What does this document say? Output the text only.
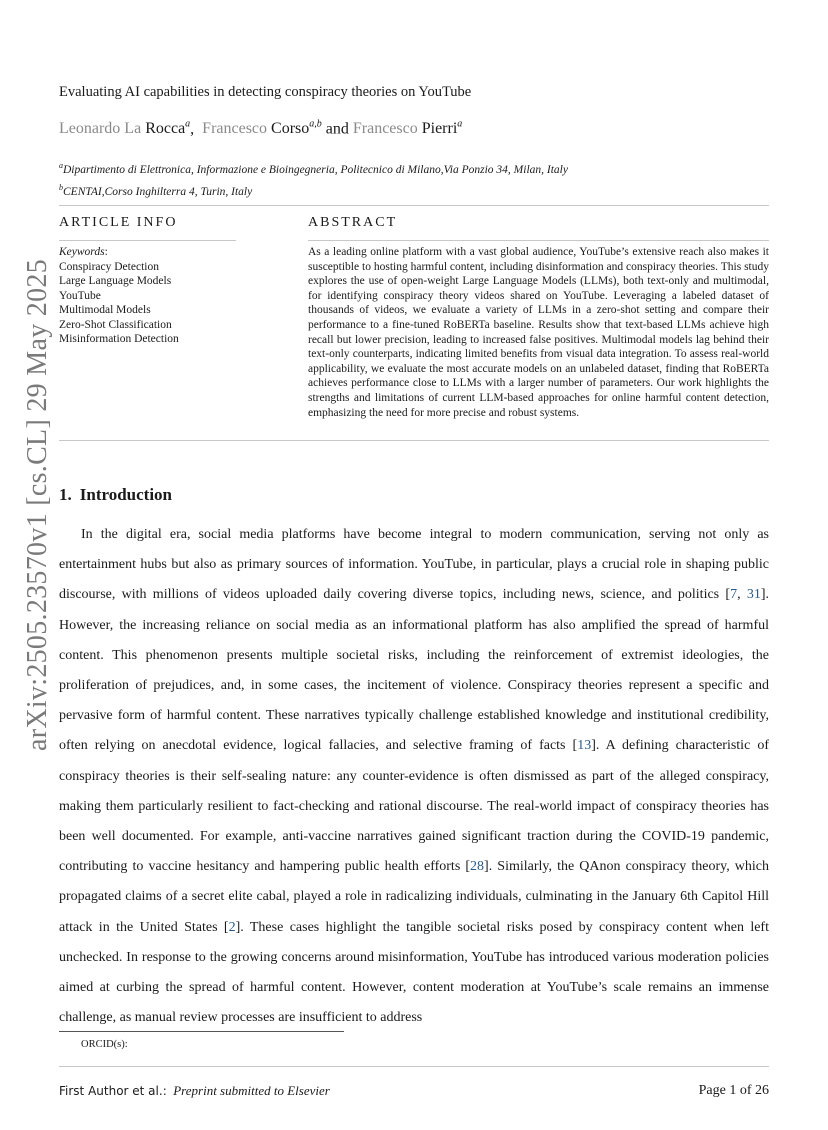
arXiv:2505.23570v1 [cs.CL] 29 May 2025
Evaluating AI capabilities in detecting conspiracy theories on YouTube
Leonardo La Rocca$^a$, Francesco Corso$^{a,b}$ and Francesco Pierri$^a$
$^a$Dipartimento di Elettronica, Informazione e Bioingegneria, Politecnico di Milano,Via Ponzio 34, Milan, Italy
$^b$CENTAI,Corso Inghilterra 4, Turin, Italy
ARTICLE INFO	ABSTRACT
Keywords:
Conspiracy Detection
Large Language Models
YouTube
Multimodal Models
Zero-Shot Classification
Misinformation Detection
As a leading online platform with a vast global audience, YouTube’s extensive reach also makes it susceptible to hosting harmful content, including disinformation and conspiracy theories. This study explores the use of open-weight Large Language Models (LLMs), both text-only and multimodal, for identifying conspiracy theory videos shared on YouTube. Leveraging a labeled dataset of thousands of videos, we evaluate a variety of LLMs in a zero-shot setting and compare their performance to a fine-tuned RoBERTa baseline. Results show that text-based LLMs achieve high recall but lower precision, leading to increased false positives. Multimodal models lag behind their text-only counterparts, indicating limited benefits from visual data integration. To assess real-world applicability, we evaluate the most accurate models on an unlabeled dataset, finding that RoBERTa achieves performance close to LLMs with a larger number of parameters. Our work highlights the strengths and limitations of current LLM-based approaches for online harmful content detection, emphasizing the need for more precise and robust systems.
1. Introduction
In the digital era, social media platforms have become integral to modern communication, serving not only as entertainment hubs but also as primary sources of information. YouTube, in particular, plays a crucial role in shaping public discourse, with millions of videos uploaded daily covering diverse topics, including news, science, and politics [7, 31]. However, the increasing reliance on social media as an informational platform has also amplified the spread of harmful content. This phenomenon presents multiple societal risks, including the reinforcement of extremist ideologies, the proliferation of prejudices, and, in some cases, the incitement of violence. Conspiracy theories represent a specific and pervasive form of harmful content. These narratives typically challenge established knowledge and institutional credibility, often relying on anecdotal evidence, logical fallacies, and selective framing of facts [13]. A defining characteristic of conspiracy theories is their self-sealing nature: any counter-evidence is often dismissed as part of the alleged conspiracy, making them particularly resilient to fact-checking and rational discourse. The real-world impact of conspiracy theories has been well documented. For example, anti-vaccine narratives gained significant traction during the COVID-19 pandemic, contributing to vaccine hesitancy and hampering public health efforts [28]. Similarly, the QAnon conspiracy theory, which propagated claims of a secret elite cabal, played a role in radicalizing individuals, culminating in the January 6th Capitol Hill attack in the United States [2]. These cases highlight the tangible societal risks posed by conspiracy content when left unchecked. In response to the growing concerns around misinformation, YouTube has introduced various moderation policies aimed at curbing the spread of harmful content. However, content moderation at YouTube’s scale remains an immense challenge, as manual review processes are insufficient to address
ORCID(s):
First Author et al.: Preprint submitted to Elsevier	Page 1 of 26
